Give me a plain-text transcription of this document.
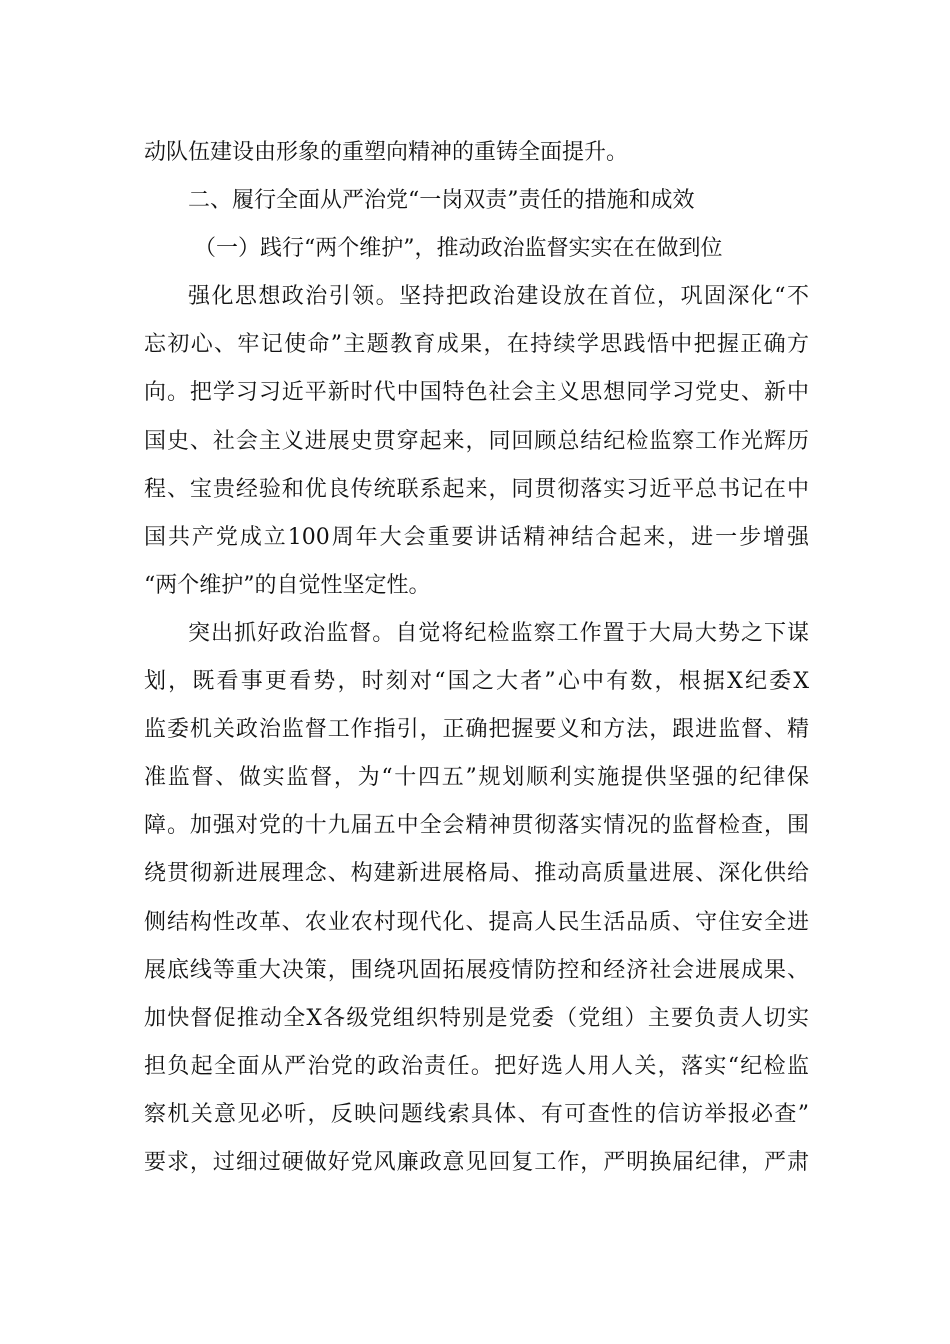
动队伍建设由形象的重塑向精神的重铸全面提升。
二、履行全面从严治党“一岗双责”责任的措施和成效
（一）践行“两个维护”，推动政治监督实实在在做到位
强化思想政治引领。坚持把政治建设放在首位，巩固深化“不
忘初心、牢记使命”主题教育成果，在持续学思践悟中把握正确方
向。把学习习近平新时代中国特色社会主义思想同学习党史、新中
国史、社会主义进展史贯穿起来，同回顾总结纪检监察工作光辉历
程、宝贵经验和优良传统联系起来，同贯彻落实习近平总书记在中
国共产党成立100周年大会重要讲话精神结合起来，进一步增强
“两个维护”的自觉性坚定性。
突出抓好政治监督。自觉将纪检监察工作置于大局大势之下谋
划，既看事更看势，时刻对“国之大者”心中有数，根据X纪委X
监委机关政治监督工作指引，正确把握要义和方法，跟进监督、精
准监督、做实监督，为“十四五”规划顺利实施提供坚强的纪律保
障。加强对党的十九届五中全会精神贯彻落实情况的监督检查，围
绕贯彻新进展理念、构建新进展格局、推动高质量进展、深化供给
侧结构性改革、农业农村现代化、提高人民生活品质、守住安全进
展底线等重大决策，围绕巩固拓展疫情防控和经济社会进展成果、
加快督促推动全X各级党组织特别是党委（党组）主要负责人切实
担负起全面从严治党的政治责任。把好选人用人关，落实“纪检监
察机关意见必听，反映问题线索具体、有可查性的信访举报必查”
要求，过细过硬做好党风廉政意见回复工作，严明换届纪律，严肃
